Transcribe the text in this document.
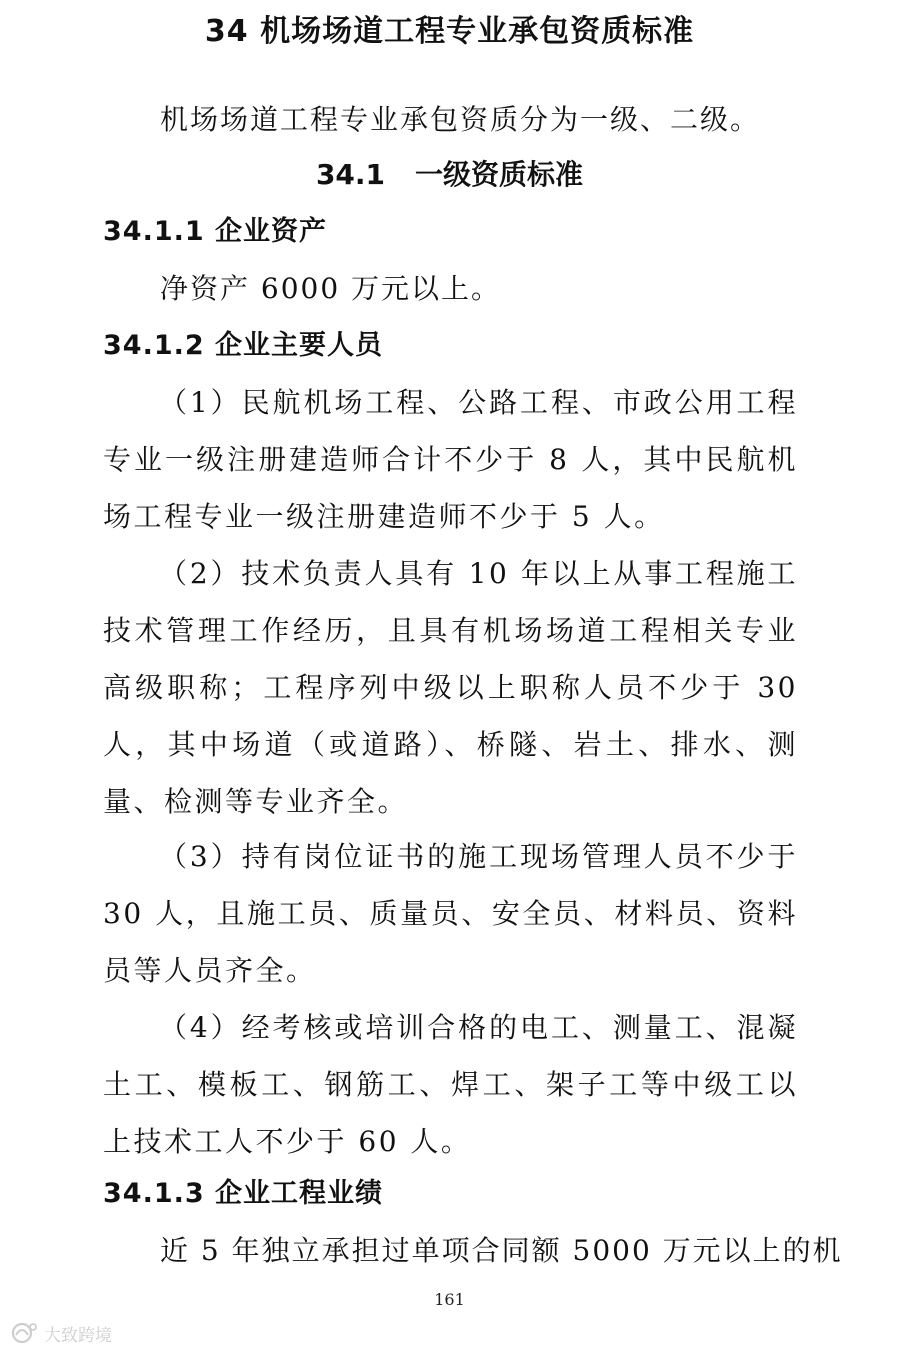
34 机场场道工程专业承包资质标准
机场场道工程专业承包资质分为一级、二级。
34.1 一级资质标准
34.1.1 企业资产
净资产 6000 万元以上。
34.1.2 企业主要人员
（1）民航机场工程、公路工程、市政公用工程专业一级注册建造师合计不少于 8 人，其中民航机场工程专业一级注册建造师不少于 5 人。
（2）技术负责人具有 10 年以上从事工程施工技术管理工作经历，且具有机场场道工程相关专业高级职称；工程序列中级以上职称人员不少于 30 人，其中场道（或道路）、桥隧、岩土、排水、测量、检测等专业齐全。
（3）持有岗位证书的施工现场管理人员不少于 30 人，且施工员、质量员、安全员、材料员、资料员等人员齐全。
（4）经考核或培训合格的电工、测量工、混凝土工、模板工、钢筋工、焊工、架子工等中级工以上技术工人不少于 60 人。
34.1.3 企业工程业绩
近 5 年独立承担过单项合同额 5000 万元以上的机
161
大致跨境
